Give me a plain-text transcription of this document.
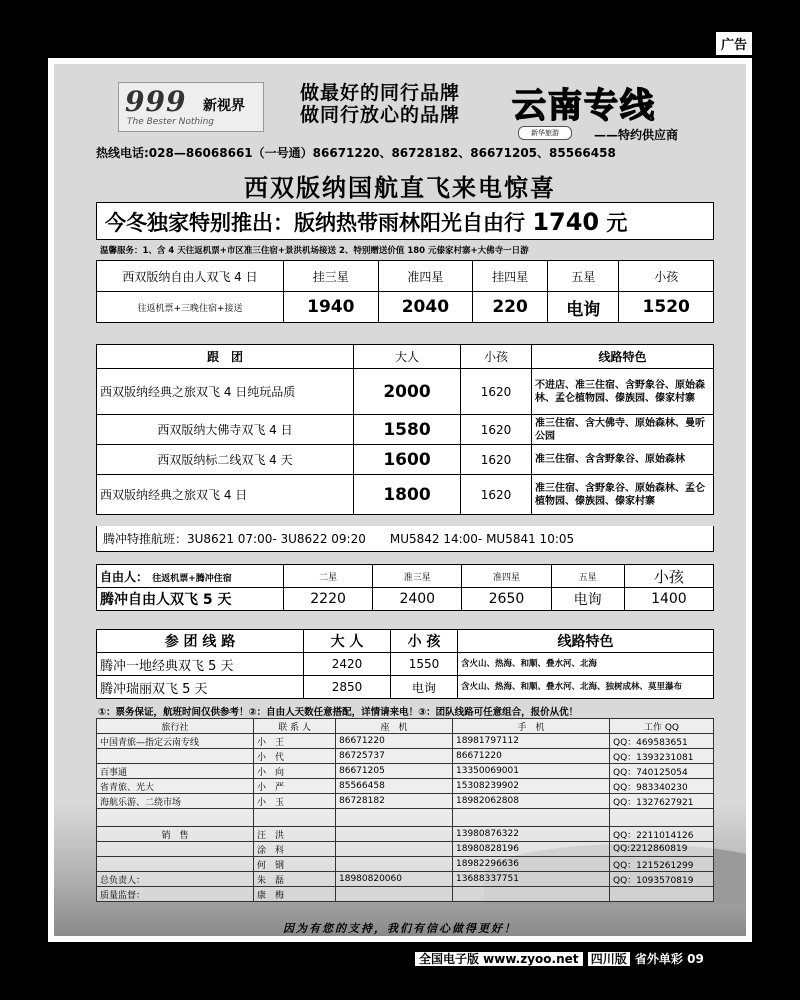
广告
999 新视界
The Bester Nothing
做最好的同行品牌
做同行放心的品牌 云南专线
新华旅游	——特约供应商
热线电话:028—86068661（一号通）86671220、86728182、86671205、85566458
西双版纳国航直飞来电惊喜
今冬独家特别推出：版纳热带雨林阳光自由行 1740 元
温馨服务：1、含 4 天往返机票+市区准三住宿+景洪机场接送 2、特别赠送价值 180 元傣家村寨+大佛寺一日游
西双版纳自由人双飞 4 日	挂三星	准四星	挂四星	五星	小孩
往返机票+三晚住宿+接送	1940	2040	220	电询	1520
跟　团	大人	小孩	线路特色
西双版纳经典之旅双飞 4 日纯玩品质	2000	1620	不进店、准三住宿、含野象谷、原始森林、孟仑植物园、傣族园、傣家村寨
西双版纳大佛寺双飞 4 日	1580	1620	准三住宿、含大佛寺、原始森林、曼听公园
西双版纳标二线双飞 4 天	1600	1620	准三住宿、含含野象谷、原始森林
西双版纳经典之旅双飞 4 日	1800	1620	准三住宿、含野象谷、原始森林、孟仑植物园、傣族园、傣家村寨
腾冲特推航班：3U8621 07:00- 3U8622 09:20　　MU5842 14:00- MU5841 10:05
自由人： 往返机票+腾冲住宿	二星	准三星	准四星	五星	小孩
腾冲自由人双飞 5 天	2220	2400	2650	电询	1400
参 团 线 路	大 人	小 孩	线路特色
腾冲一地经典双飞 5 天	2420	1550	含火山、热海、和顺、叠水河、北海
腾冲瑞丽双飞 5 天	2850	电询	含火山、热海、和顺、叠水河、北海、独树成林、莫里瀑布
①：票务保证，航班时间仅供参考！②：自由人天数任意搭配，详情请来电！③：团队线路可任意组合，报价从优！
旅行社	联 系 人	座　机	手　机	工作 QQ
中国青旅—指定云南专线	小　王	86671220	18981797112	QQ：469583651
	小　代	86725737	86671220	QQ：1393231081
百事通	小　向	86671205	13350069001	QQ：740125054
省青旅、光大	小　严	85566458	15308239902	QQ：983340230
海航乐游、二绕市场	小　玉	86728182	18982062808	QQ：1327627921

销　售	汪　洪		13980876322	QQ：2211014126
	涂　科		18980828196	QQ:2212860819
	何　钢		18982296636	QQ：1215261299
总负责人：	朱　磊	18980820060	13688337751	QQ：1093570819
质量监督：	康　梅			
因为有您的支持，我们有信心做得更好！
全国电子版 www.zyoo.net 四川版 省外单彩 09
